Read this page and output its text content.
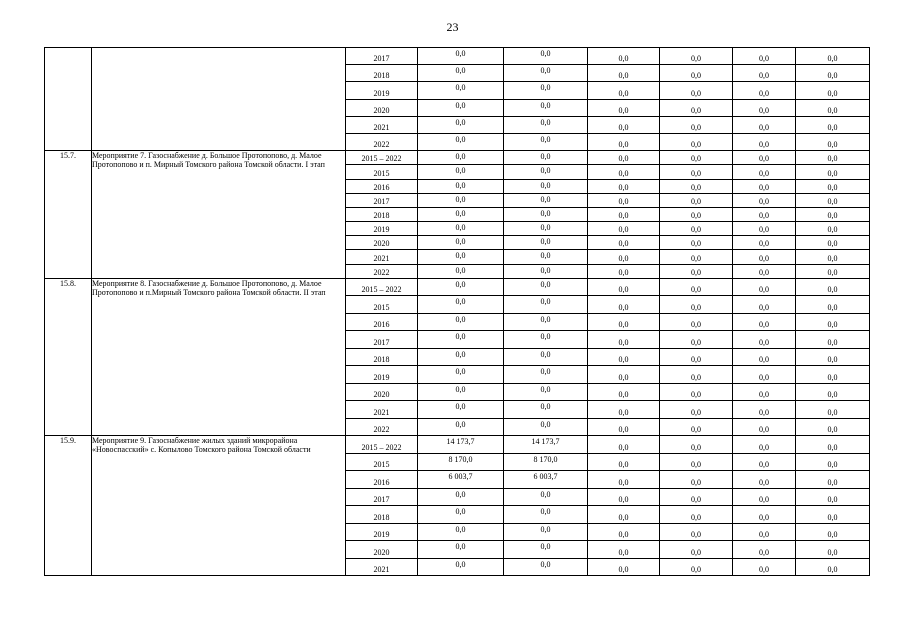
23
		2017	0,0	0,0	0,0	0,0	0,0	0,0
		2018	0,0	0,0	0,0	0,0	0,0	0,0
		2019	0,0	0,0	0,0	0,0	0,0	0,0
		2020	0,0	0,0	0,0	0,0	0,0	0,0
		2021	0,0	0,0	0,0	0,0	0,0	0,0
		2022	0,0	0,0	0,0	0,0	0,0	0,0
15.7.	Мероприятие 7. Газоснабжение д. Большое Протопопово, д. Малое Протопопово и п. Мирный Томского района Томской области. I этап	2015 – 2022	0,0	0,0	0,0	0,0	0,0	0,0
		2015	0,0	0,0	0,0	0,0	0,0	0,0
		2016	0,0	0,0	0,0	0,0	0,0	0,0
		2017	0,0	0,0	0,0	0,0	0,0	0,0
		2018	0,0	0,0	0,0	0,0	0,0	0,0
		2019	0,0	0,0	0,0	0,0	0,0	0,0
		2020	0,0	0,0	0,0	0,0	0,0	0,0
		2021	0,0	0,0	0,0	0,0	0,0	0,0
		2022	0,0	0,0	0,0	0,0	0,0	0,0
15.8.	Мероприятие 8. Газоснабжение д. Большое Протопопово, д. Малое Протопопово и п.Мирный Томского района Томской области. II этап	2015 – 2022	0,0	0,0	0,0	0,0	0,0	0,0
		2015	0,0	0,0	0,0	0,0	0,0	0,0
		2016	0,0	0,0	0,0	0,0	0,0	0,0
		2017	0,0	0,0	0,0	0,0	0,0	0,0
		2018	0,0	0,0	0,0	0,0	0,0	0,0
		2019	0,0	0,0	0,0	0,0	0,0	0,0
		2020	0,0	0,0	0,0	0,0	0,0	0,0
		2021	0,0	0,0	0,0	0,0	0,0	0,0
		2022	0,0	0,0	0,0	0,0	0,0	0,0
15.9.	Мероприятие 9. Газоснабжение жилых зданий микрорайона «Новоспасский» с. Копылово Томского района Томской области	2015 – 2022	14 173,7	14 173,7	0,0	0,0	0,0	0,0
		2015	8 170,0	8 170,0	0,0	0,0	0,0	0,0
		2016	6 003,7	6 003,7	0,0	0,0	0,0	0,0
		2017	0,0	0,0	0,0	0,0	0,0	0,0
		2018	0,0	0,0	0,0	0,0	0,0	0,0
		2019	0,0	0,0	0,0	0,0	0,0	0,0
		2020	0,0	0,0	0,0	0,0	0,0	0,0
		2021	0,0	0,0	0,0	0,0	0,0	0,0
